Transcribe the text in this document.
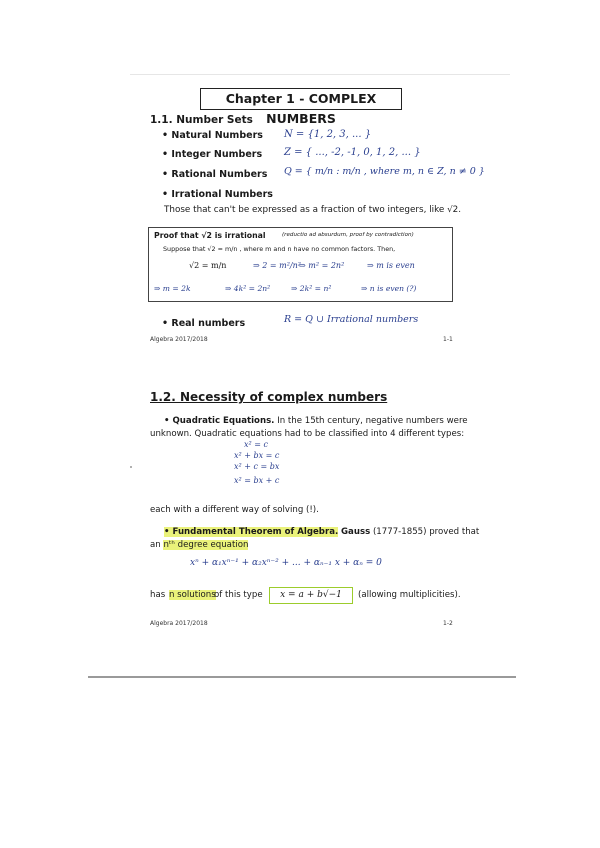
Chapter 1 - COMPLEX NUMBERS
1.1. Number Sets
• Natural Numbers N = {1, 2, 3, ... }
• Integer Numbers Z = { ..., -2, -1, 0, 1, 2, ... }
• Rational Numbers Q = { m/n : m/n , where m, n ∈ Z, n ≠ 0 }
• Irrational Numbers
Those that can't be expressed as a fraction of two integers, like √2.
Proof that √2 is irrational	(reductio ad absurdum, proof by contradiction)
Suppose that √2 = m/n , where m and n have no common factors. Then,
√2 = m/n	⇒ 2 = m²/n²
⇒ m² = 2n²	⇒ m is even
⇒ m = 2k	⇒ 4k² = 2n²	⇒ 2k² = n²	⇒ n is even (?)
• Real numbers	R = Q ∪ Irrational numbers
Algebra 2017/2018	1-1
1.2. Necessity of complex numbers
• Quadratic Equations. In the 15th century, negative numbers were
unknown. Quadratic equations had to be classified into 4 different types:
x² = c
x² + bx = c
x² + c = bx
x² = bx + c
each with a different way of solving (!).
• Fundamental Theorem of Algebra. Gauss (1777-1855) proved that
an nᵗʰ degree equation
xⁿ + α₁xⁿ⁻¹ + α₂xⁿ⁻² + ... + αₙ₋₁ x + αₙ = 0
has n solutions
of this type	x = a + b√−1	(allowing multiplicities).
Algebra 2017/2018	1-2
